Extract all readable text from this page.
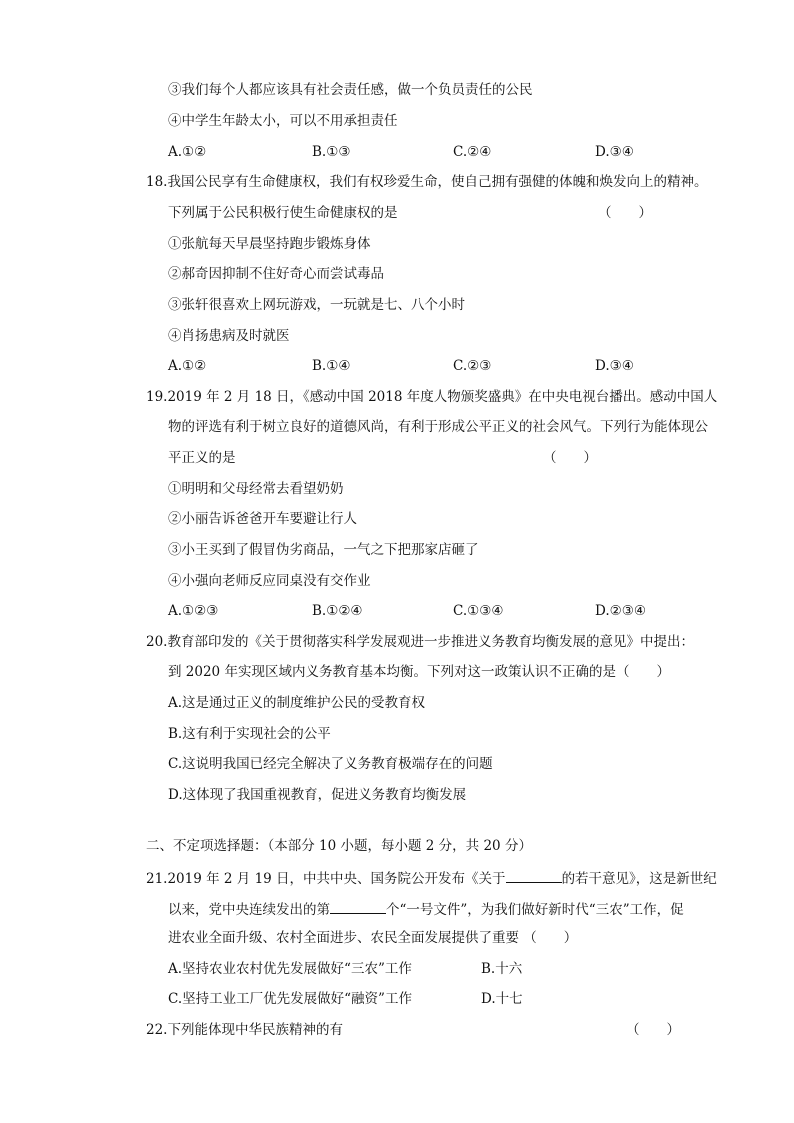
③我们每个人都应该具有社会责任感，做一个负员责任的公民
④中学生年龄太小，可以不用承担责任
A.①②	B.①③	C.②④	D.③④
18.我国公民享有生命健康权，我们有权珍爱生命，使自己拥有强健的体魄和焕发向上的精神。
下列属于公民积极行使生命健康权的是	（　　）
①张航每天早晨坚持跑步锻炼身体
②郝奇因抑制不住好奇心而尝试毒品
③张轩很喜欢上网玩游戏，一玩就是七、八个小时
④肖扬患病及时就医
A.①②	B.①④	C.②③	D.③④
19.2019 年 2 月 18 日，《感动中国 2018 年度人物颁奖盛典》在中央电视台播出。感动中国人
物的评选有利于树立良好的道德风尚，有利于形成公平正义的社会风气。下列行为能体现公
平正义的是	（　　）
①明明和父母经常去看望奶奶
②小丽告诉爸爸开车要避让行人
③小王买到了假冒伪劣商品，一气之下把那家店砸了
④小强向老师反应同桌没有交作业
A.①②③	B.①②④	C.①③④	D.②③④
20.教育部印发的《关于贯彻落实科学发展观进一步推进义务教育均衡发展的意见》中提出：
到 2020 年实现区域内义务教育基本均衡。下列对这一政策认识不正确的是（　　）
A.这是通过正义的制度维护公民的受教育权
B.这有利于实现社会的公平
C.这说明我国已经完全解决了义务教育极端存在的问题
D.这体现了我国重视教育，促进义务教育均衡发展
二、不定项选择题：（本部分 10 小题，每小题 2 分，共 20 分）
21.2019 年 2 月 19 日，中共中央、国务院公开发布《关于	的若干意见》，这是新世纪
以来，党中央连续发出的第	个“一号文件”，为我们做好新时代“三农”工作，促
进农业全面升级、农村全面进步、农民全面发展提供了重要 （　　）
A.坚持农业农村优先发展做好“三农”工作	B.十六
C.坚持工业工厂优先发展做好“融资”工作	D.十七
22.下列能体现中华民族精神的有	（　　）
